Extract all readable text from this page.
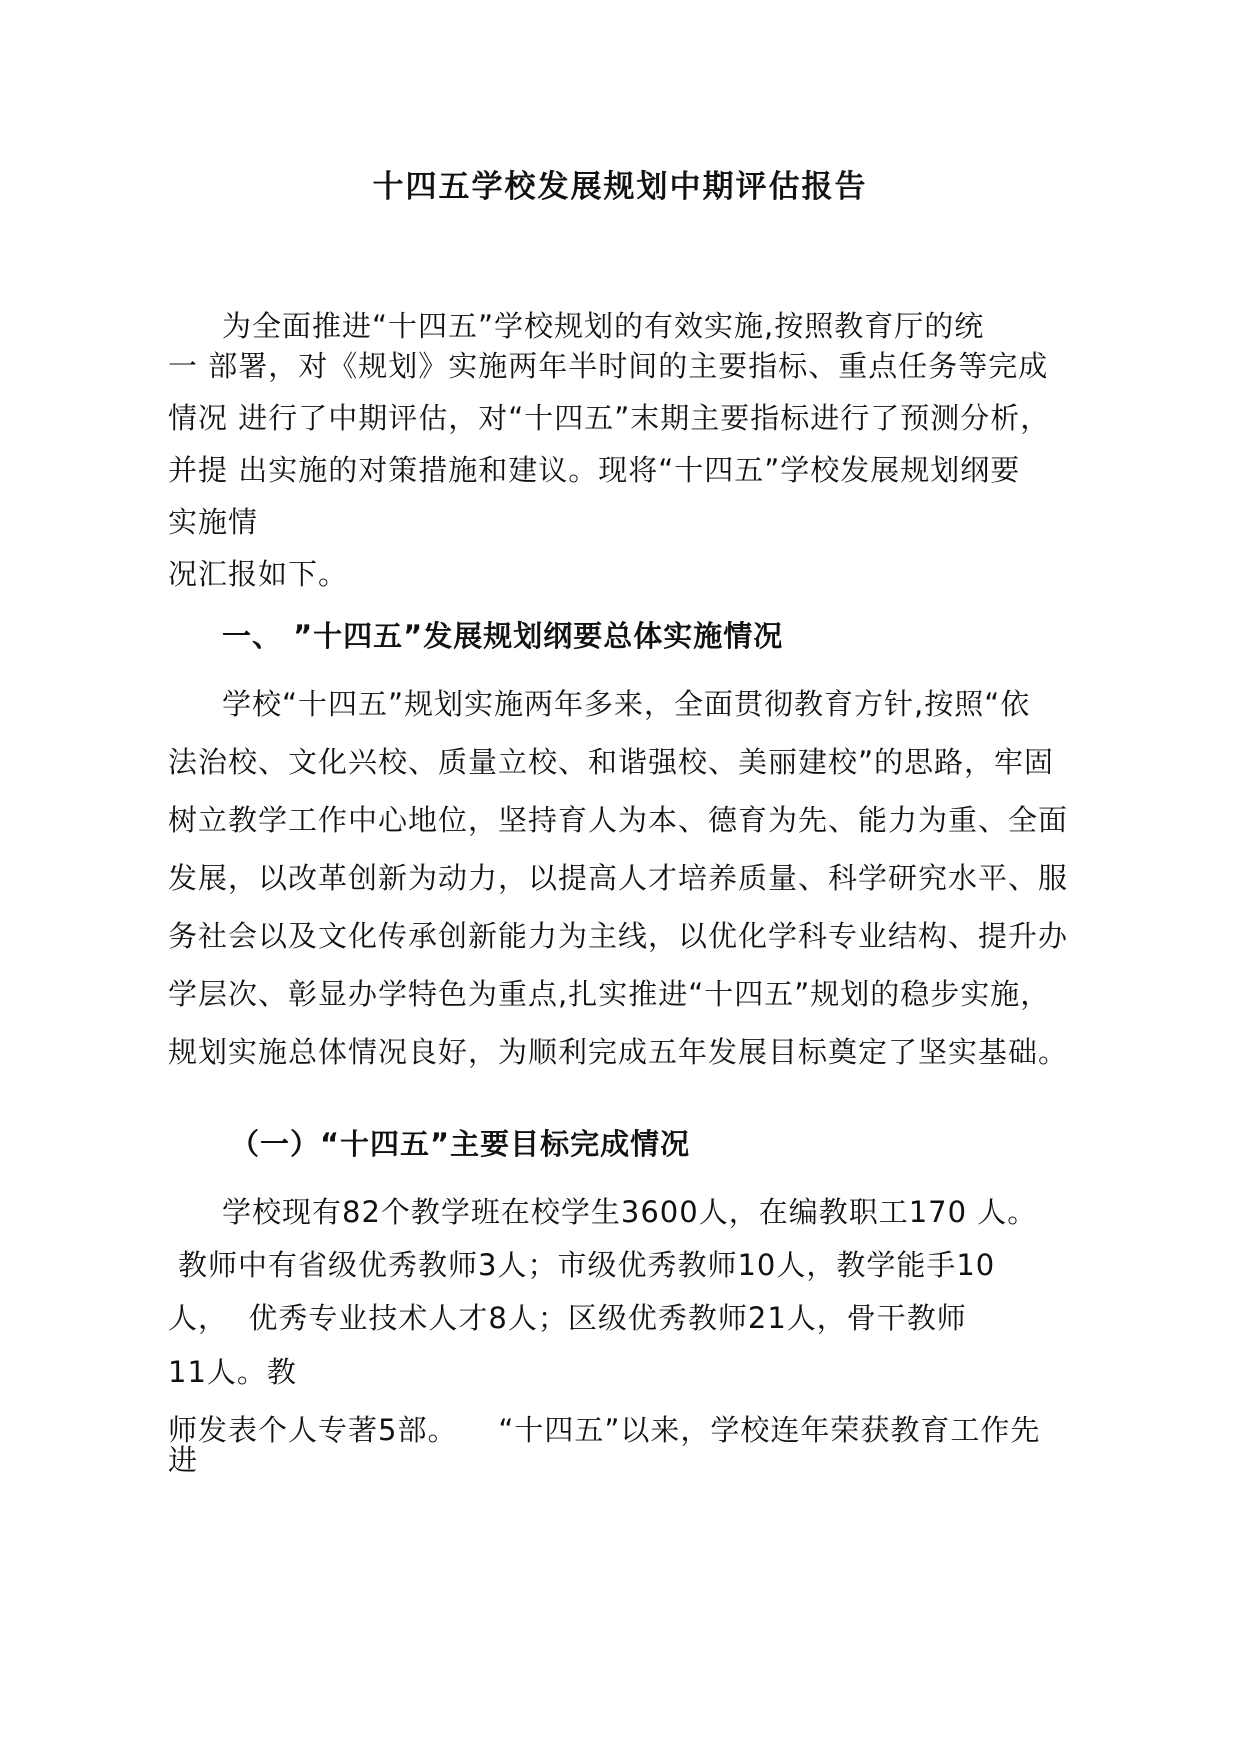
十四五学校发展规划中期评估报告
为全面推进“十四五”学校规划的有效实施,按照教育厅的统
一 部署，对《规划》实施两年半时间的主要指标、重点任务等完成
情况 进行了中期评估，对“十四五”末期主要指标进行了预测分析，
并提 出实施的对策措施和建议。现将“十四五”学校发展规划纲要
实施情
况汇报如下。
一、 ”十四五”发展规划纲要总体实施情况
学校“十四五”规划实施两年多来，全面贯彻教育方针,按照“依
法治校、文化兴校、质量立校、和谐强校、美丽建校”的思路，牢固
树立教学工作中心地位，坚持育人为本、德育为先、能力为重、全面
发展，以改革创新为动力，以提高人才培养质量、科学研究水平、服
务社会以及文化传承创新能力为主线，以优化学科专业结构、提升办
学层次、彰显办学特色为重点,扎实推进“十四五”规划的稳步实施，
规划实施总体情况良好，为顺利完成五年发展目标奠定了坚实基础。
（一）“十四五”主要目标完成情况
学校现有82个教学班在校学生3600人，在编教职工170 人。
教师中有省级优秀教师3人；市级优秀教师10人，教学能手10
人，  优秀专业技术人才8人；区级优秀教师21人，骨干教师
11人。教
师发表个人专著5部。    “十四五”以来，学校连年荣获教育工作先
进
